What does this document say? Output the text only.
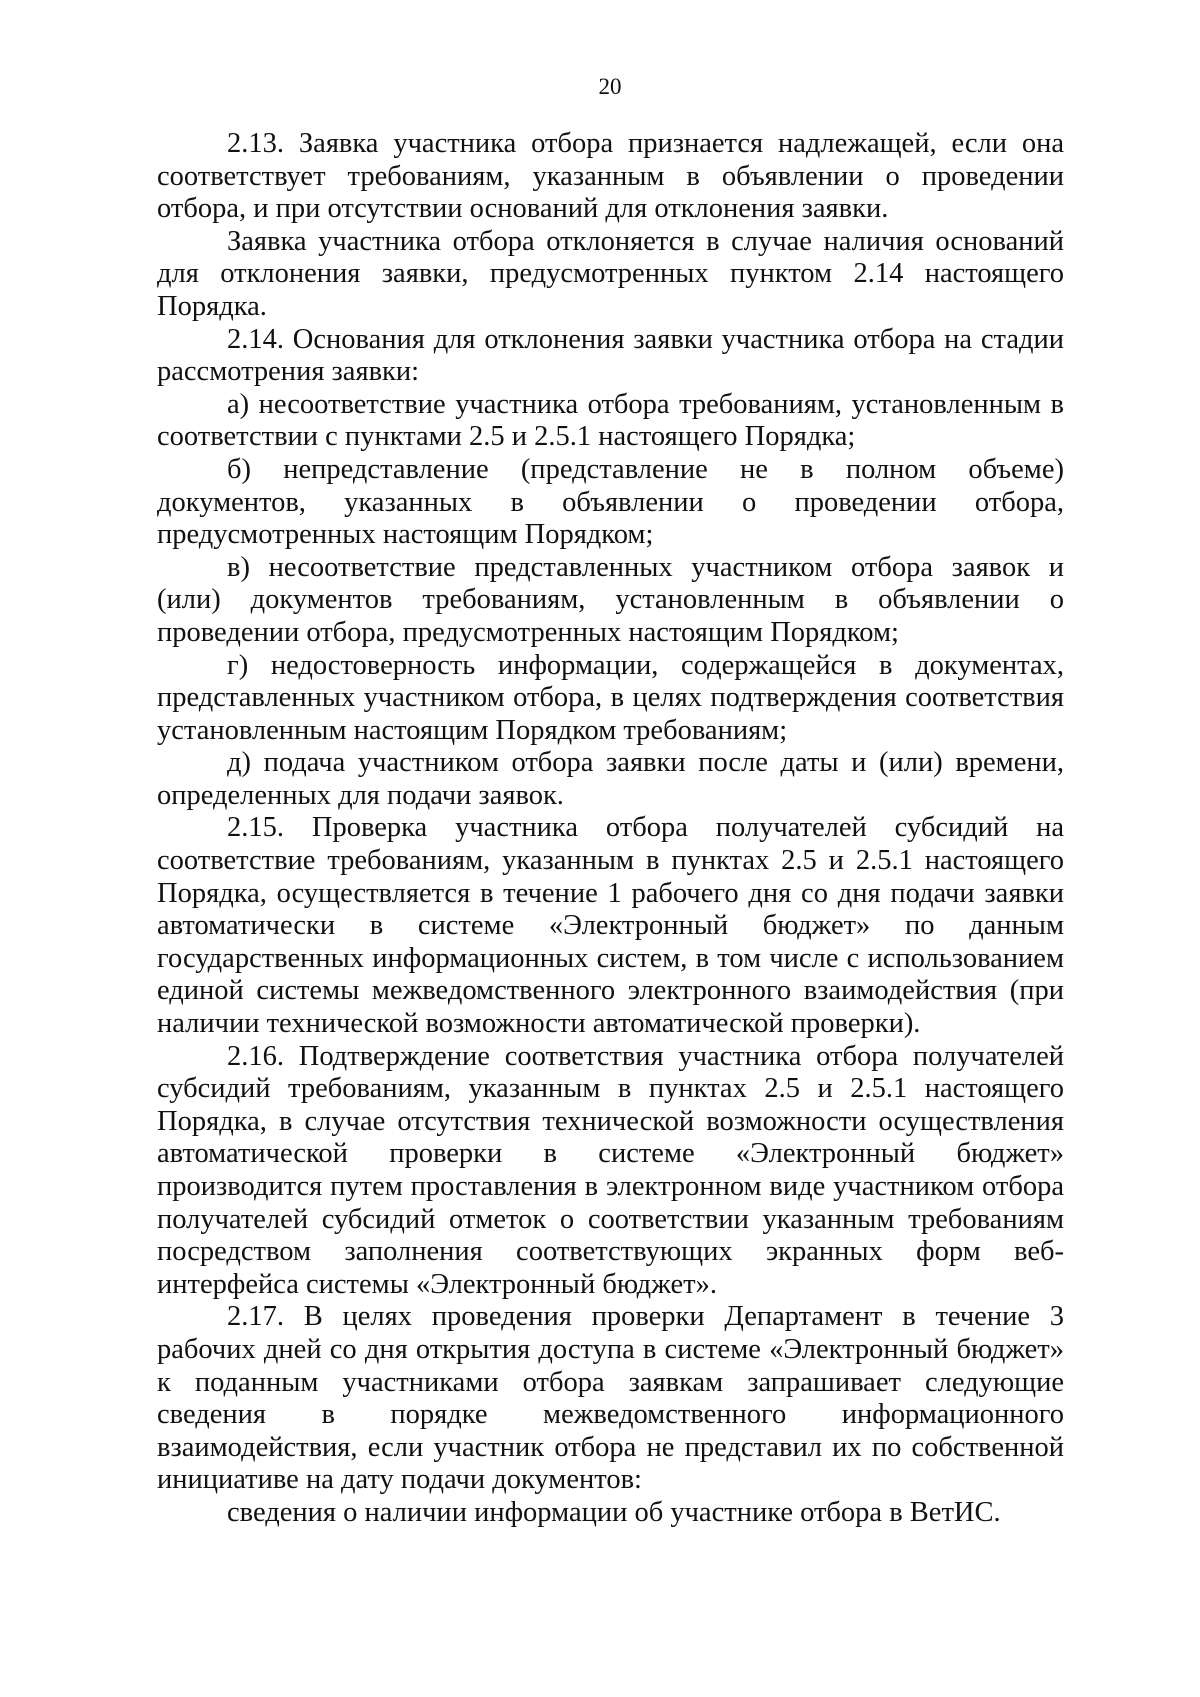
20

2.13. Заявка участника отбора признается надлежащей, если она соответствует требованиям, указанным в объявлении о проведении отбора, и при отсутствии оснований для отклонения заявки.

Заявка участника отбора отклоняется в случае наличия оснований для отклонения заявки, предусмотренных пунктом 2.14 настоящего Порядка.

2.14. Основания для отклонения заявки участника отбора на стадии рассмотрения заявки:

а) несоответствие участника отбора требованиям, установленным в соответствии с пунктами 2.5 и 2.5.1 настоящего Порядка;

б) непредставление (представление не в полном объеме) документов, указанных в объявлении о проведении отбора, предусмотренных настоящим Порядком;

в) несоответствие представленных участником отбора заявок и (или) документов требованиям, установленным в объявлении о проведении отбора, предусмотренных настоящим Порядком;

г) недостоверность информации, содержащейся в документах, представленных участником отбора, в целях подтверждения соответствия установленным настоящим Порядком требованиям;

д) подача участником отбора заявки после даты и (или) времени, определенных для подачи заявок.

2.15. Проверка участника отбора получателей субсидий на соответствие требованиям, указанным в пунктах 2.5 и 2.5.1 настоящего Порядка, осуществляется в течение 1 рабочего дня со дня подачи заявки автоматически в системе «Электронный бюджет» по данным государственных информационных систем, в том числе с использованием единой системы межведомственного электронного взаимодействия (при наличии технической возможности автоматической проверки).

2.16. Подтверждение соответствия участника отбора получателей субсидий требованиям, указанным в пунктах 2.5 и 2.5.1 настоящего Порядка, в случае отсутствия технической возможности осуществления автоматической проверки в системе «Электронный бюджет» производится путем проставления в электронном виде участником отбора получателей субсидий отметок о соответствии указанным требованиям посредством заполнения соответствующих экранных форм веб-интерфейса системы «Электронный бюджет».

2.17. В целях проведения проверки Департамент в течение 3 рабочих дней со дня открытия доступа в системе «Электронный бюджет» к поданным участниками отбора заявкам запрашивает следующие сведения в порядке межведомственного информационного взаимодействия, если участник отбора не представил их по собственной инициативе на дату подачи документов:

сведения о наличии информации об участнике отбора в ВетИС.
